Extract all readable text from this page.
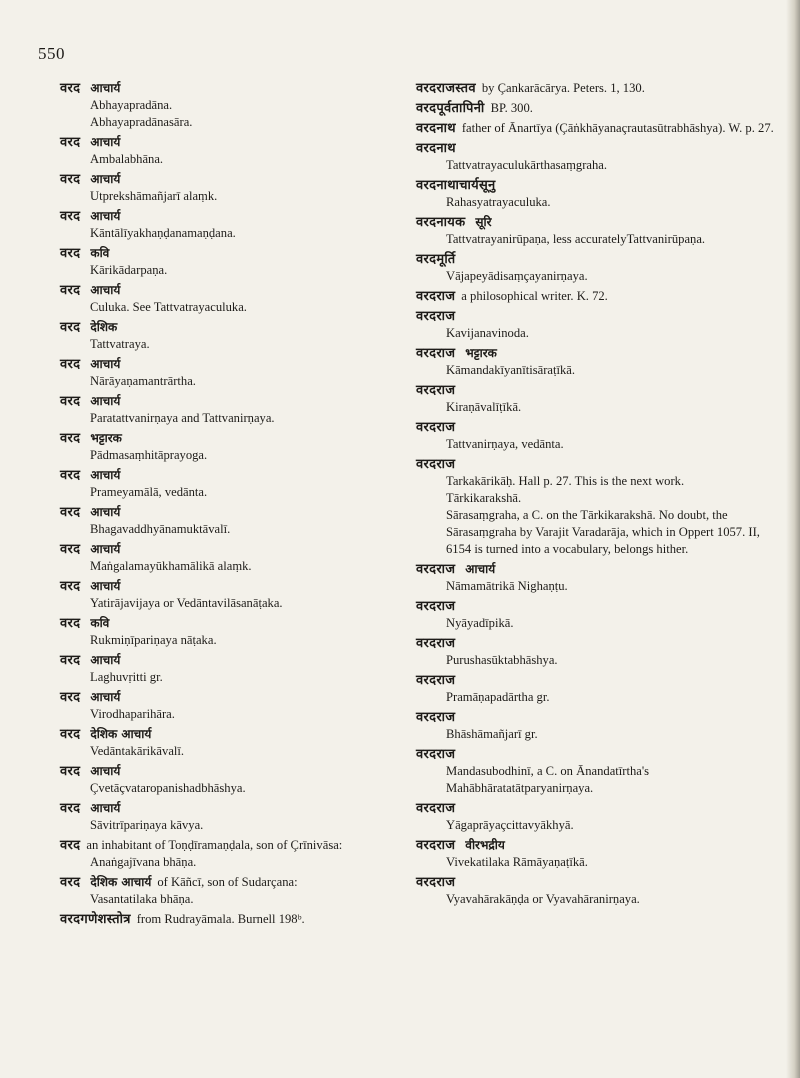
550
वरद आचार्य
Abhayapradāna.
Abhayapradānasāra.
वरद आचार्य
Ambalabhāna.
वरद आचार्य
Utprekshāmañjarī alaṃk.
वरद आचार्य
Kāntālīyakhaṇḍanamaṇḍana.
वरद कवि
Kārikādarpaṇa.
वरद आचार्य
Culuka. See Tattvatrayaculuka.
वरद देशिक
Tattvatraya.
वरद आचार्य
Nārāyaṇamantrārtha.
वरद आचार्य
Paratattvanirṇaya and Tattvanirṇaya.
वरद भट्टारक
Pādmasaṃhitāprayoga.
वरद आचार्य
Prameyamālā, vedānta.
वरद आचार्य
Bhagavaddhyānamuktāvalī.
वरद आचार्य
Maṅgalamayūkhamālikā alaṃk.
वरद आचार्य
Yatirājavijaya or Vedāntavilāsanāṭaka.
वरद कवि
Rukmiṇīpariṇaya nāṭaka.
वरद आचार्य
Laghuvṛitti gr.
वरद आचार्य
Virodhaparihāra.
वरद देशिक आचार्य
Vedāntakārikāvalī.
वरद आचार्य
Çvetāçvataropanishadbhāshya.
वरद आचार्य
Sāvitrīpariṇaya kāvya.
वरद an inhabitant of Toṇḍīramaṇḍala, son of Çrīnivāsa:
Anaṅgajīvana bhāṇa.
वरद देशिक आचार्य of Kāñcī, son of Sudarçana:
Vasantatilaka bhāṇa.
वरदगणेशस्तोत्र from Rudrayāmala. Burnell 198ᵇ.
वरदराजस्तव by Çankarācārya. Peters. 1, 130.
वरदपूर्वतापिनी BP. 300.
वरदनाथ father of Ānartīya (Çāṅkhāyanaçrautasūtrabhāshya). W. p. 27.
वरदनाथ
Tattvatrayaculukārthasaṃgraha.
वरदनाथाचार्यसूनु
Rahasyatrayaculuka.
वरदनायक सूरि
Tattvatrayanirūpaṇa, less accuratelyTattvanirūpaṇa.
वरदमूर्ति
Vājapeyādisaṃçayanirṇaya.
वरदराज a philosophical writer. K. 72.
वरदराज
Kavijanavinoda.
वरदराज भट्टारक
Kāmandakīyanītisāraṭīkā.
वरदराज
Kiraṇāvalīṭīkā.
वरदराज
Tattvanirṇaya, vedānta.
वरदराज
Tarkakārikāḥ. Hall p. 27. This is the next work.
Tārkikarakshā.
Sārasaṃgraha, a C. on the Tārkikarakshā. No doubt, the Sārasaṃgraha by Varajit Varadarāja, which in Oppert 1057. II, 6154 is turned into a vocabulary, belongs hither.
वरदराज आचार्य
Nāmamātrikā Nighaṇṭu.
वरदराज
Nyāyadīpikā.
वरदराज
Purushasūktabhāshya.
वरदराज
Pramāṇapadārtha gr.
वरदराज
Bhāshāmañjarī gr.
वरदराज
Mandasubodhinī, a C. on Ānandatīrtha's Mahābhāratatātparyanirṇaya.
वरदराज
Yāgaprāyaçcittavyākhyā.
वरदराज वीरभद्रीय
Vivekatilaka Rāmāyaṇaṭīkā.
वरदराज
Vyavahārakāṇḍa or Vyavahāranirṇaya.
